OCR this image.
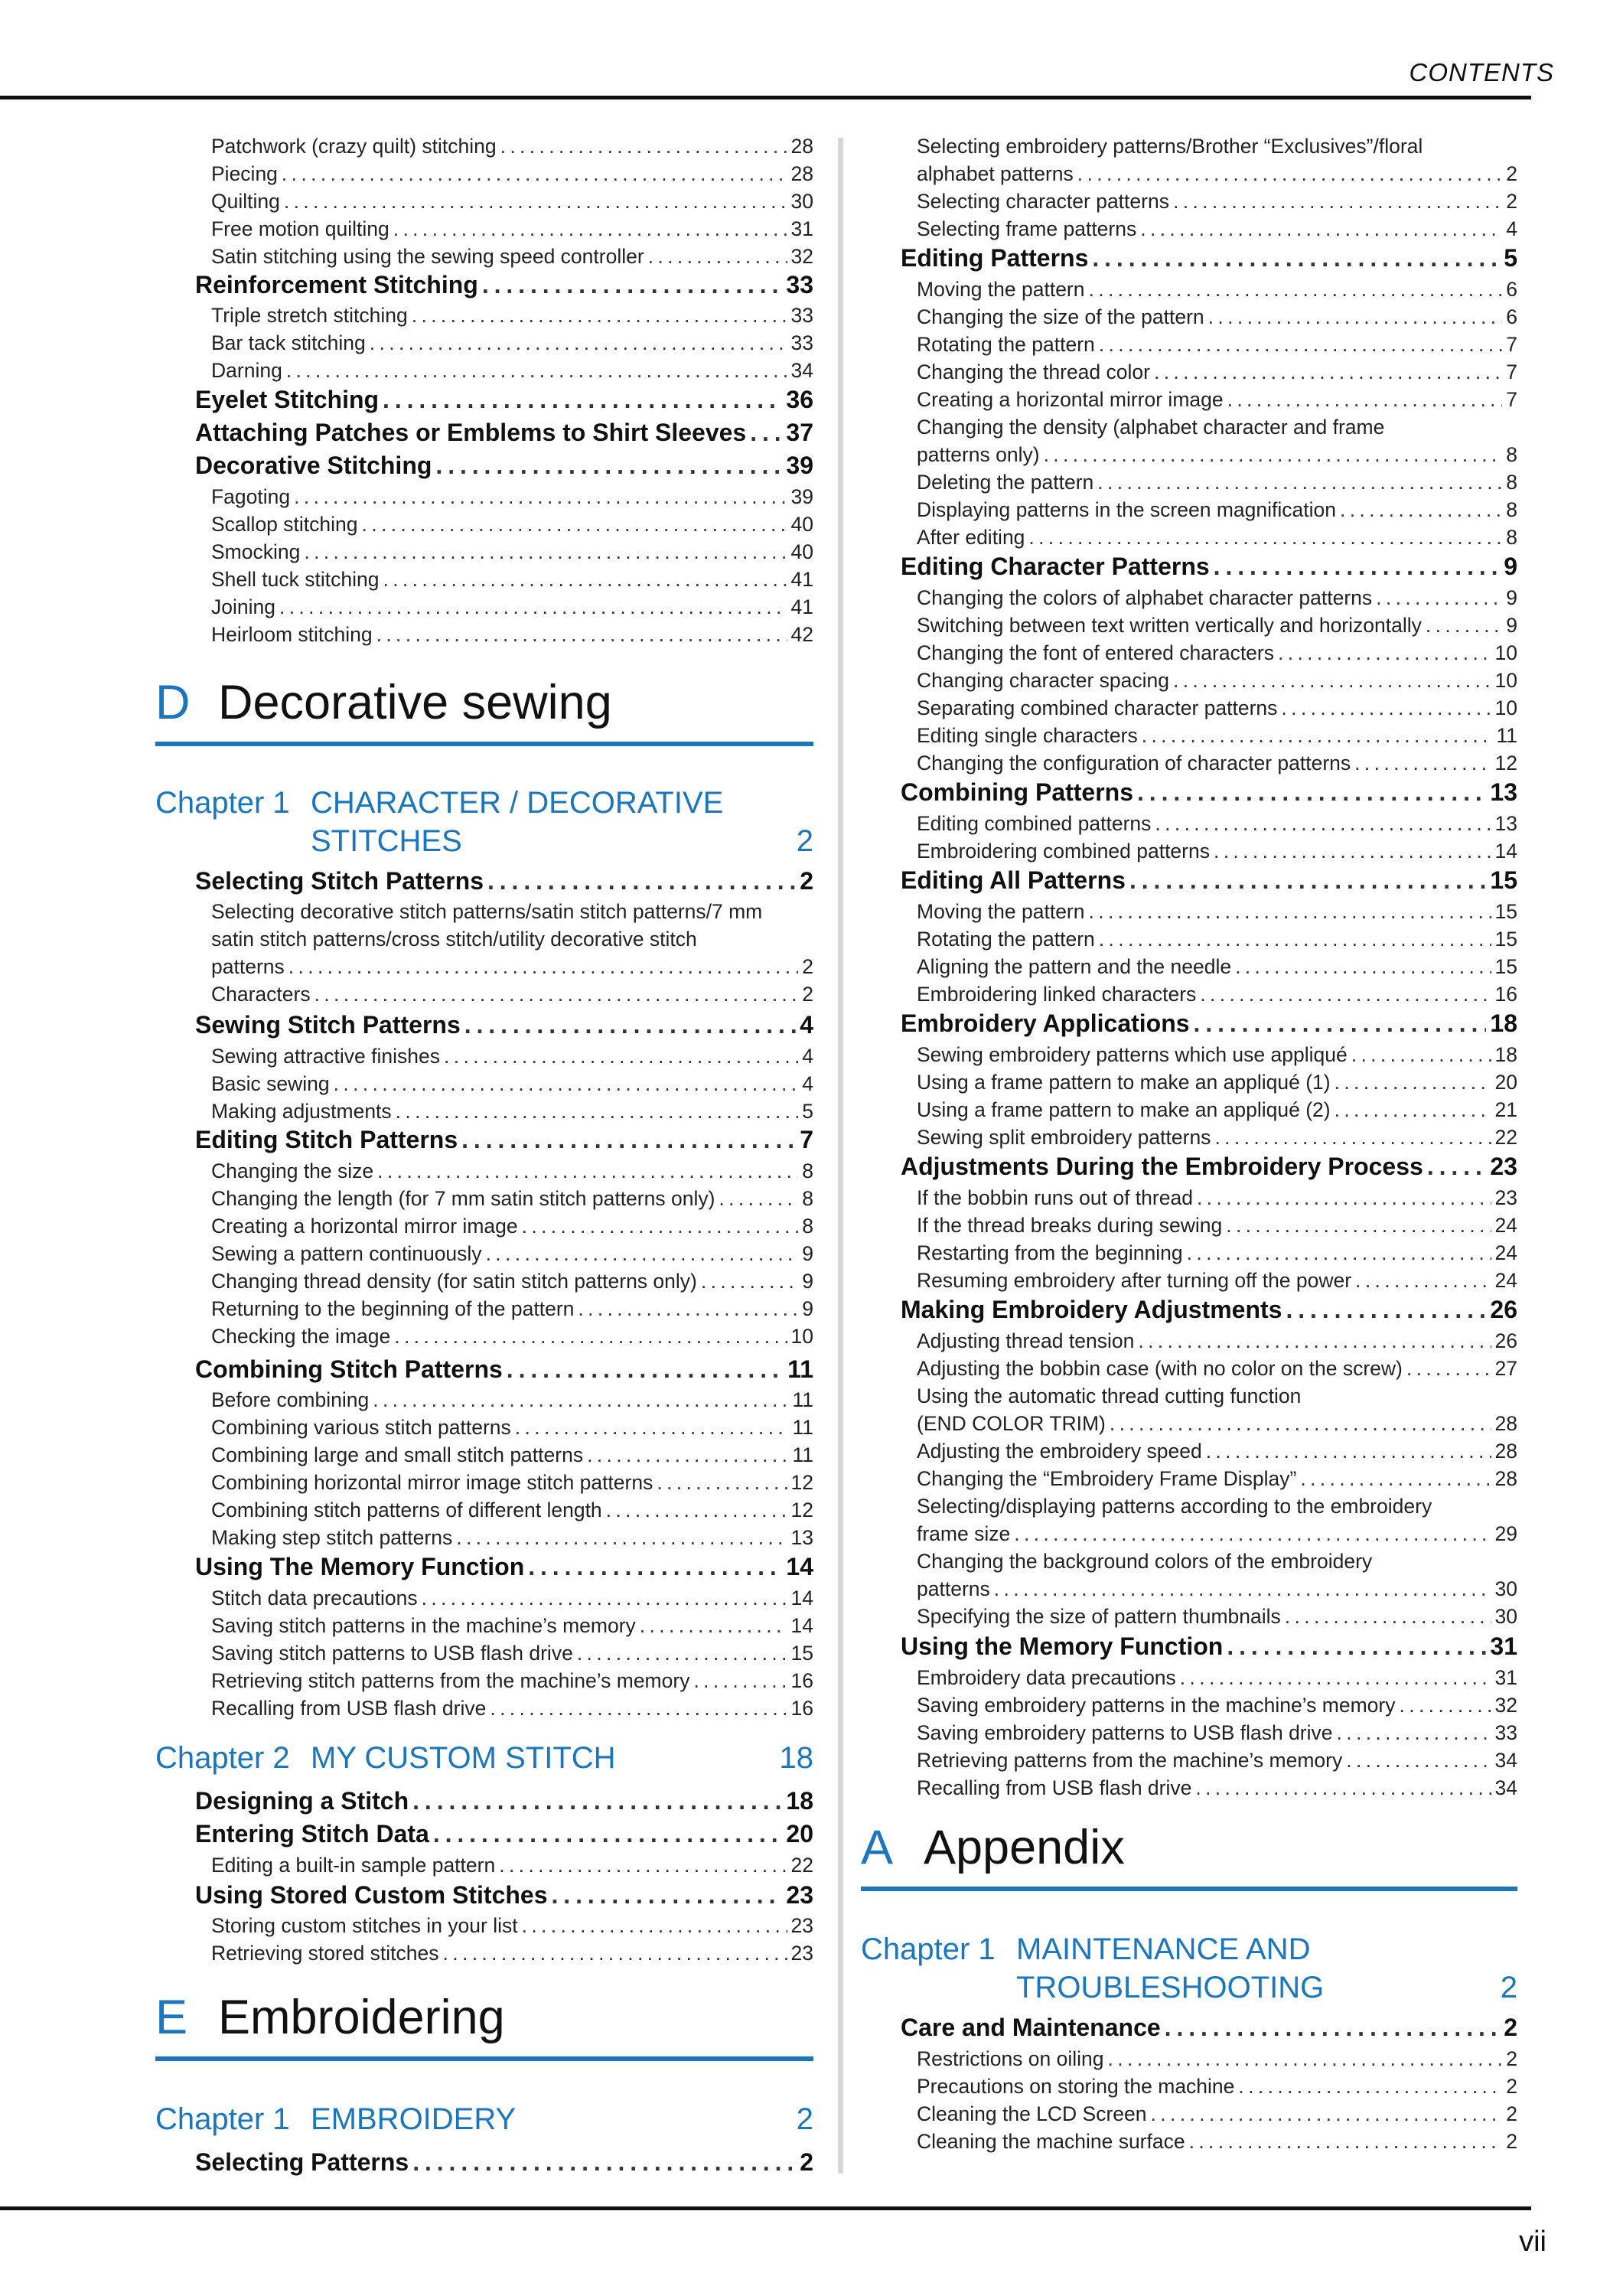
CONTENTS
Patchwork (crazy quilt) stitching . . .	28
Piecing . . .	28
Quilting . . .	30
Free motion quilting . . .	31
Satin stitching using the sewing speed controller . . .	32
Reinforcement Stitching . . .	33
Triple stretch stitching . . .	33
Bar tack stitching . . .	33
Darning . . .	34
Eyelet Stitching . . .	36
Attaching Patches or Emblems to Shirt Sleeves . . . 37
Decorative Stitching . . .	39
Fagoting . . .	39
Scallop stitching . . .	40
Smocking . . .	40
Shell tuck stitching . . .	41
Joining . . .	41
Heirloom stitching . . .	42
D Decorative sewing
Chapter 1 CHARACTER / DECORATIVE
STITCHES	2
Selecting Stitch Patterns . . .	2
Selecting decorative stitch patterns/satin stitch patterns/7 mm
satin stitch patterns/cross stitch/utility decorative stitch
patterns . . .	2
Characters . . .	2
Sewing Stitch Patterns . . .	4
Sewing attractive finishes . . .	4
Basic sewing . . .	4
Making adjustments . . .	5
Editing Stitch Patterns . . .	7
Changing the size . . .	8
Changing the length (for 7 mm satin stitch patterns only) . . .	8
Creating a horizontal mirror image . . .	8
Sewing a pattern continuously . . .	9
Changing thread density (for satin stitch patterns only) . . .	9
Returning to the beginning of the pattern . . .	9
Checking the image . . .	10
Combining Stitch Patterns . . .	11
Before combining . . .	11
Combining various stitch patterns . . .	11
Combining large and small stitch patterns . . .	11
Combining horizontal mirror image stitch patterns . . .	12
Combining stitch patterns of different length . . .	12
Making step stitch patterns . . .	13
Using The Memory Function . . .	14
Stitch data precautions . . .	14
Saving stitch patterns in the machine’s memory . . .	14
Saving stitch patterns to USB flash drive . . .	15
Retrieving stitch patterns from the machine’s memory . . .	16
Recalling from USB flash drive . . .	16
Chapter 2 MY CUSTOM STITCH	18
Designing a Stitch . . .	18
Entering Stitch Data . . .	20
Editing a built-in sample pattern . . .	22
Using Stored Custom Stitches . . .	23
Storing custom stitches in your list . . .	23
Retrieving stored stitches . . .	23
E Embroidering
Chapter 1 EMBROIDERY	2
Selecting Patterns . . .	2
Selecting embroidery patterns/Brother “Exclusives”/floral
alphabet patterns . . .	2
Selecting character patterns . . .	2
Selecting frame patterns . . .	4
Editing Patterns . . .	5
Moving the pattern . . .	6
Changing the size of the pattern . . .	6
Rotating the pattern . . .	7
Changing the thread color . . .	7
Creating a horizontal mirror image . . .	7
Changing the density (alphabet character and frame
patterns only) . . .	8
Deleting the pattern . . .	8
Displaying patterns in the screen magnification . . .	8
After editing . . .	8
Editing Character Patterns . . .	9
Changing the colors of alphabet character patterns . . .	9
Switching between text written vertically and horizontally . . .	9
Changing the font of entered characters . . .	10
Changing character spacing . . .	10
Separating combined character patterns . . .	10
Editing single characters . . .	11
Changing the configuration of character patterns . . .	12
Combining Patterns . . .	13
Editing combined patterns . . .	13
Embroidering combined patterns . . .	14
Editing All Patterns . . .	15
Moving the pattern . . .	15
Rotating the pattern . . .	15
Aligning the pattern and the needle . . .	15
Embroidering linked characters . . .	16
Embroidery Applications . . .	18
Sewing embroidery patterns which use appliqué . . .	18
Using a frame pattern to make an appliqué (1) . . .	20
Using a frame pattern to make an appliqué (2) . . .	21
Sewing split embroidery patterns . . .	22
Adjustments During the Embroidery Process . . .	23
If the bobbin runs out of thread . . .	23
If the thread breaks during sewing . . .	24
Restarting from the beginning . . .	24
Resuming embroidery after turning off the power . . .	24
Making Embroidery Adjustments . . .	26
Adjusting thread tension . . .	26
Adjusting the bobbin case (with no color on the screw) . . .	27
Using the automatic thread cutting function
(END COLOR TRIM) . . .	28
Adjusting the embroidery speed . . .	28
Changing the “Embroidery Frame Display” . . .	28
Selecting/displaying patterns according to the embroidery
frame size . . .	29
Changing the background colors of the embroidery
patterns . . .	30
Specifying the size of pattern thumbnails . . .	30
Using the Memory Function . . .	31
Embroidery data precautions . . .	31
Saving embroidery patterns in the machine’s memory . . .	32
Saving embroidery patterns to USB flash drive . . .	33
Retrieving patterns from the machine’s memory . . .	34
Recalling from USB flash drive . . .	34
A Appendix
Chapter 1 MAINTENANCE AND
TROUBLESHOOTING	2
Care and Maintenance . . .	2
Restrictions on oiling . . .	2
Precautions on storing the machine . . .	2
Cleaning the LCD Screen . . .	2
Cleaning the machine surface . . .	2
vii
